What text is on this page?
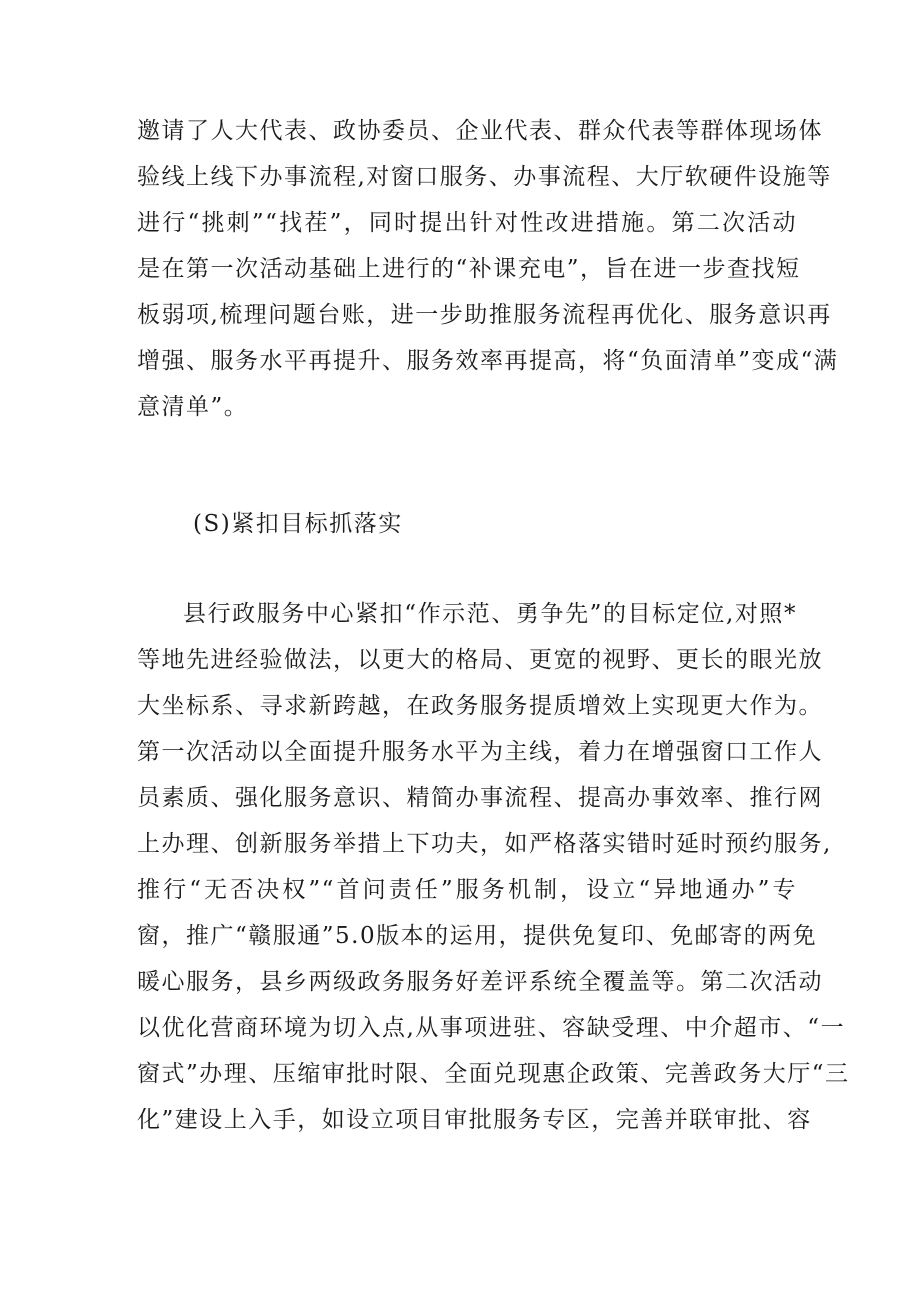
邀请了人大代表、政协委员、企业代表、群众代表等群体现场体
验线上线下办事流程,对窗口服务、办事流程、大厅软硬件设施等
进行“挑刺”“找茬”，同时提出针对性改进措施。第二次活动
是在第一次活动基础上进行的“补课充电”，旨在进一步查找短
板弱项,梳理问题台账，进一步助推服务流程再优化、服务意识再
增强、服务水平再提升、服务效率再提高，将“负面清单”变成“满
意清单”。
(S)紧扣目标抓落实
县行政服务中心紧扣“作示范、勇争先”的目标定位,对照*
等地先进经验做法，以更大的格局、更宽的视野、更长的眼光放
大坐标系、寻求新跨越，在政务服务提质增效上实现更大作为。
第一次活动以全面提升服务水平为主线，着力在增强窗口工作人
员素质、强化服务意识、精简办事流程、提高办事效率、推行网
上办理、创新服务举措上下功夫，如严格落实错时延时预约服务,
推行“无否决权”“首问责任”服务机制，设立“异地通办”专
窗，推广“赣服通”5.0版本的运用，提供免复印、免邮寄的两免
暖心服务，县乡两级政务服务好差评系统全覆盖等。第二次活动
以优化营商环境为切入点,从事项进驻、容缺受理、中介超市、“一
窗式”办理、压缩审批时限、全面兑现惠企政策、完善政务大厅“三
化”建设上入手，如设立项目审批服务专区，完善并联审批、容
